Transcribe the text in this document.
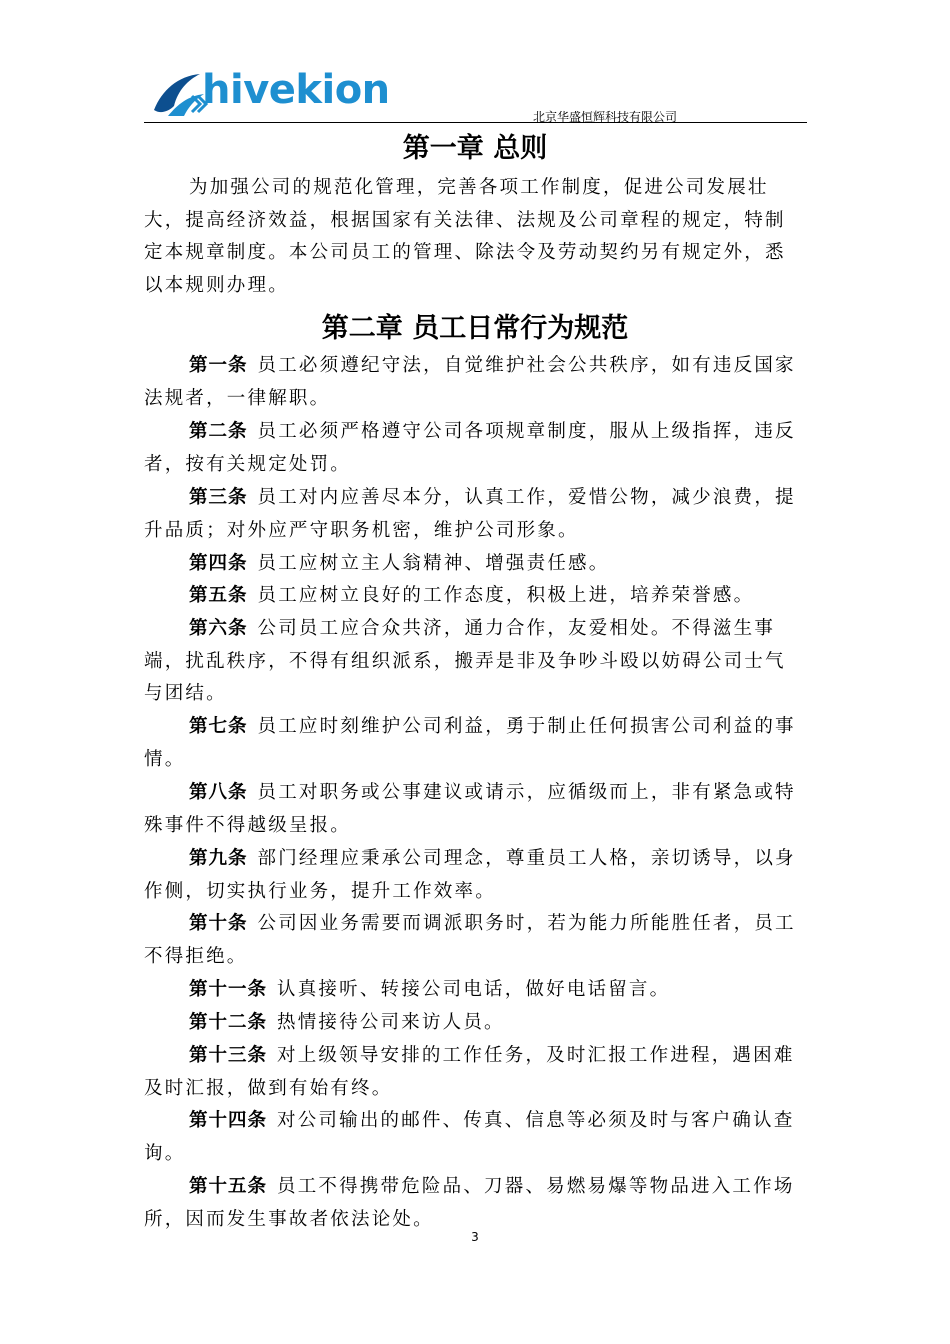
hivekion
北京华盛恒辉科技有限公司
第一章 总则

为加强公司的规范化管理，完善各项工作制度，促进公司发展壮大，提高经济效益，根据国家有关法律、法规及公司章程的规定，特制定本规章制度。本公司员工的管理、除法令及劳动契约另有规定外，悉以本规则办理。

第二章 员工日常行为规范

第一条 员工必须遵纪守法，自觉维护社会公共秩序，如有违反国家法规者，一律解职。

第二条 员工必须严格遵守公司各项规章制度，服从上级指挥，违反者，按有关规定处罚。

第三条 员工对内应善尽本分，认真工作，爱惜公物，减少浪费，提升品质；对外应严守职务机密，维护公司形象。

第四条 员工应树立主人翁精神、增强责任感。

第五条 员工应树立良好的工作态度，积极上进，培养荣誉感。

第六条 公司员工应合众共济，通力合作，友爱相处。不得滋生事端，扰乱秩序，不得有组织派系，搬弄是非及争吵斗殴以妨碍公司士气与团结。

第七条 员工应时刻维护公司利益，勇于制止任何损害公司利益的事情。

第八条 员工对职务或公事建议或请示，应循级而上，非有紧急或特殊事件不得越级呈报。

第九条 部门经理应秉承公司理念，尊重员工人格，亲切诱导，以身作侧，切实执行业务，提升工作效率。

第十条 公司因业务需要而调派职务时，若为能力所能胜任者，员工不得拒绝。

第十一条 认真接听、转接公司电话，做好电话留言。

第十二条 热情接待公司来访人员。

第十三条 对上级领导安排的工作任务，及时汇报工作进程，遇困难及时汇报，做到有始有终。

第十四条 对公司输出的邮件、传真、信息等必须及时与客户确认查询。

第十五条 员工不得携带危险品、刀器、易燃易爆等物品进入工作场所，因而发生事故者依法论处。

3
